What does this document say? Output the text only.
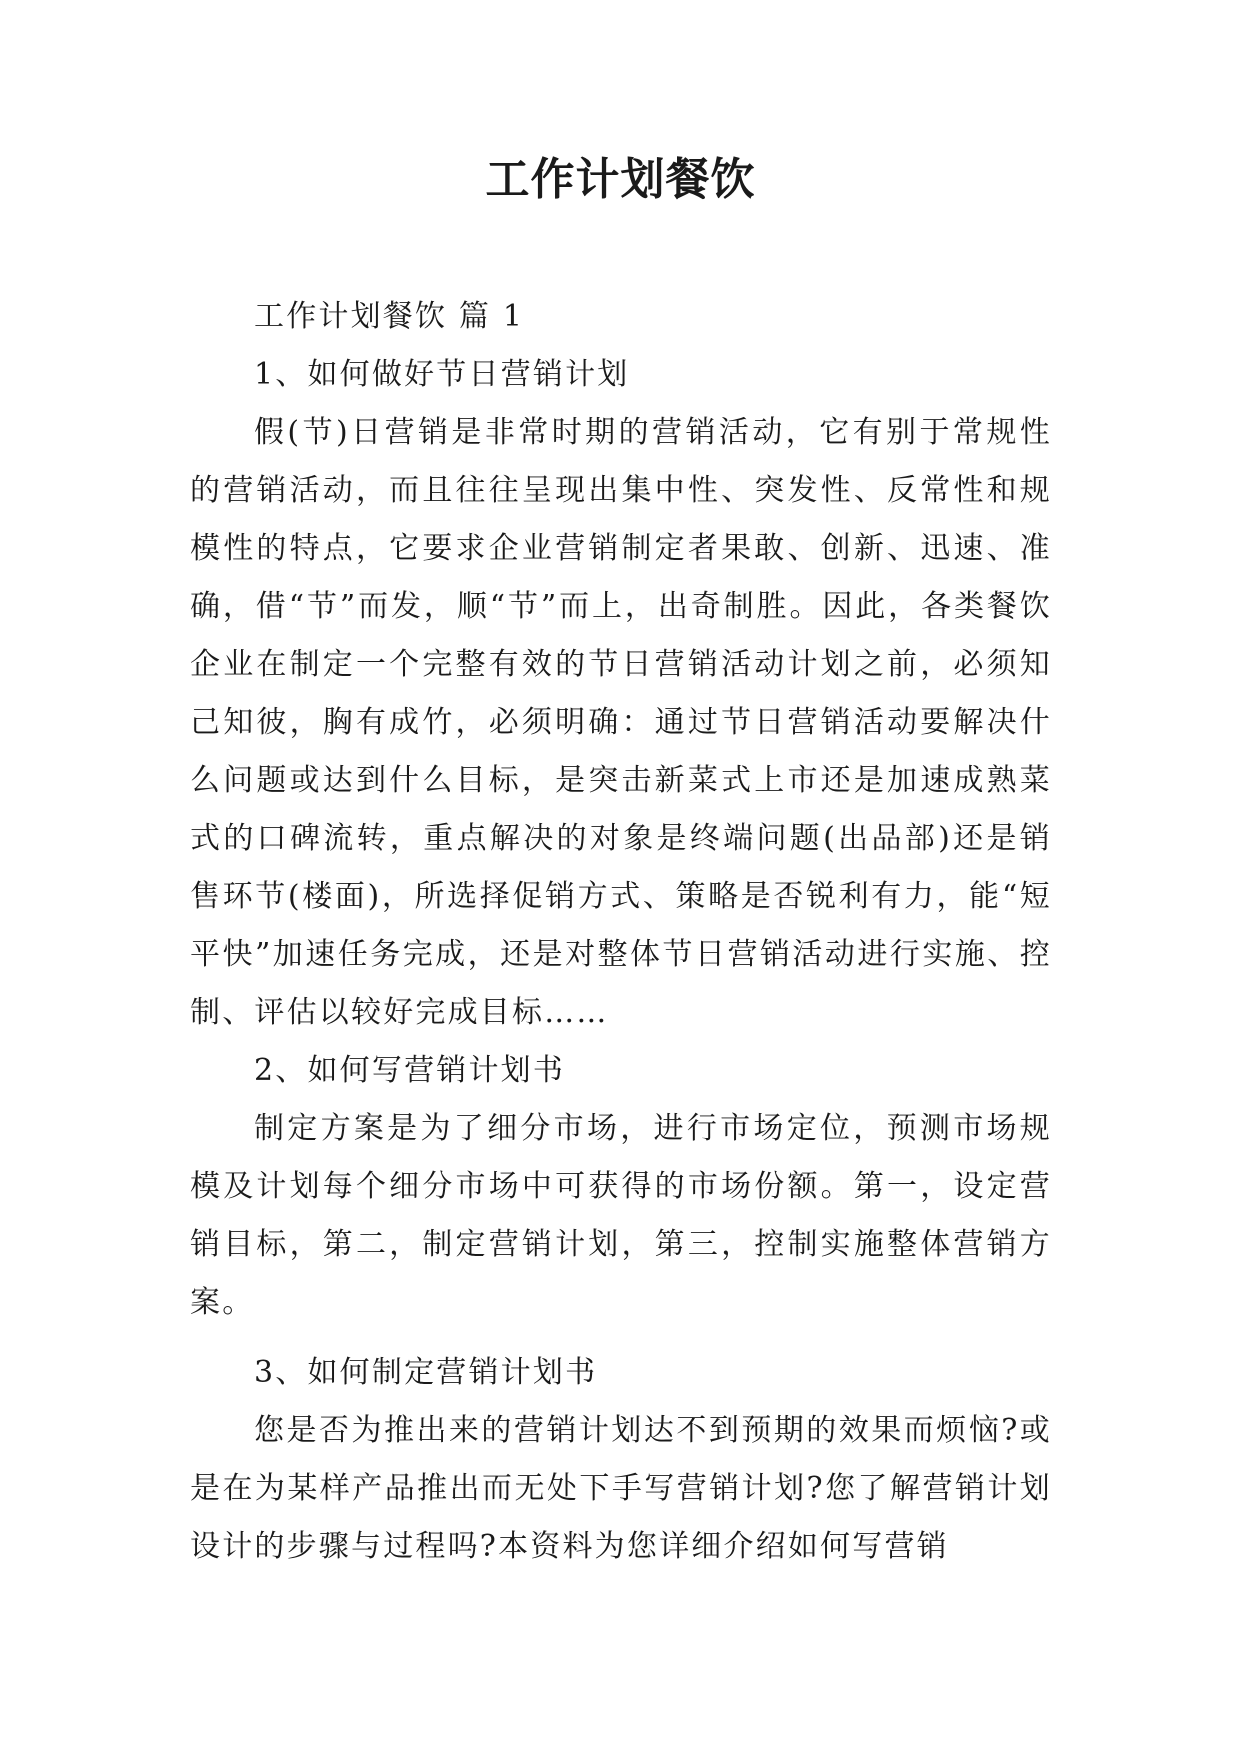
工作计划餐饮

工作计划餐饮 篇 1

1、如何做好节日营销计划

假(节)日营销是非常时期的营销活动，它有别于常规性的营销活动，而且往往呈现出集中性、突发性、反常性和规模性的特点，它要求企业营销制定者果敢、创新、迅速、准确，借“节”而发，顺“节”而上，出奇制胜。因此，各类餐饮企业在制定一个完整有效的节日营销活动计划之前，必须知己知彼，胸有成竹，必须明确：通过节日营销活动要解决什么问题或达到什么目标，是突击新菜式上市还是加速成熟菜式的口碑流转，重点解决的对象是终端问题(出品部)还是销售环节(楼面)，所选择促销方式、策略是否锐利有力，能“短平快”加速任务完成，还是对整体节日营销活动进行实施、控制、评估以较好完成目标……

2、如何写营销计划书

制定方案是为了细分市场，进行市场定位，预测市场规模及计划每个细分市场中可获得的市场份额。第一，设定营销目标，第二，制定营销计划，第三，控制实施整体营销方案。

3、如何制定营销计划书

您是否为推出来的营销计划达不到预期的效果而烦恼?或是在为某样产品推出而无处下手写营销计划?您了解营销计划设计的步骤与过程吗?本资料为您详细介绍如何写营销
